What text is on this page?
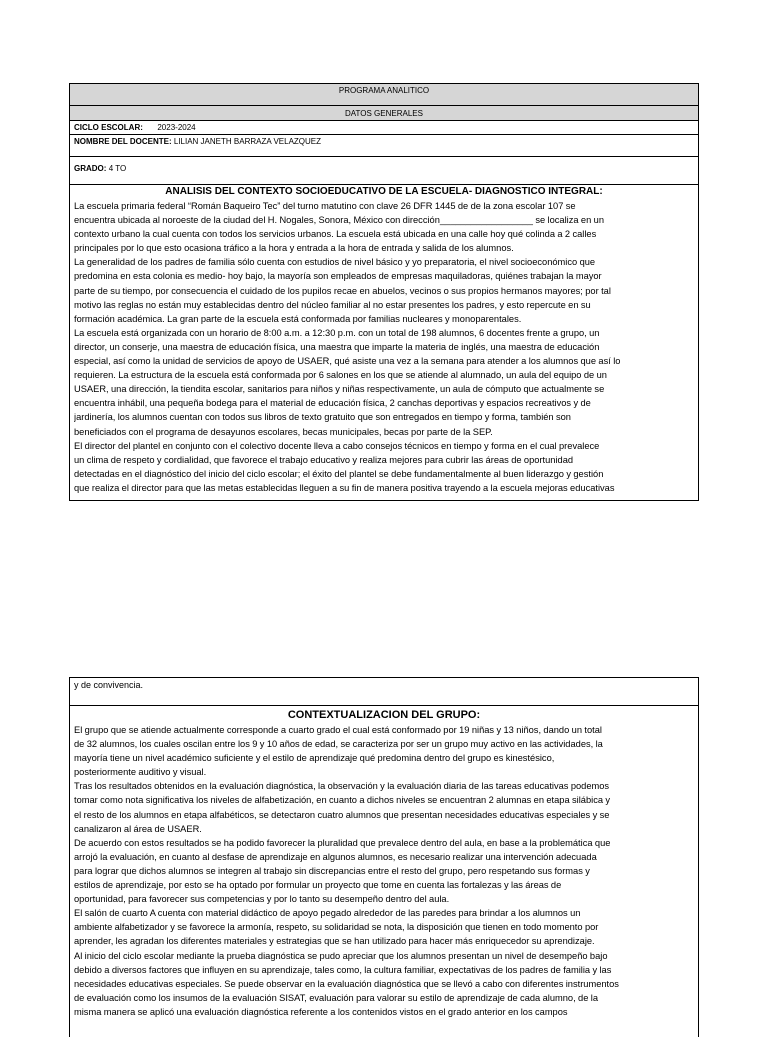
PROGRAMA ANALITICO
DATOS GENERALES
CICLO ESCOLAR: 2023-2024
NOMBRE DEL DOCENTE: LILIAN JANETH BARRAZA VELAZQUEZ
GRADO: 4 TO
ANALISIS DEL CONTEXTO SOCIOEDUCATIVO DE LA ESCUELA- DIAGNOSTICO INTEGRAL:
La escuela primaria federal “Román Baqueiro Tec” del turno matutino con clave 26 DFR 1445 de de la zona escolar 107 se
encuentra ubicada al noroeste de la ciudad del H. Nogales, Sonora, México con dirección__________________ se localiza en un
contexto urbano la cual cuenta con todos los servicios urbanos. La escuela está ubicada en una calle hoy qué colinda a 2 calles
principales por lo que esto ocasiona tráfico a la hora y entrada a la hora de entrada y salida de los alumnos.
La generalidad de los padres de familia sólo cuenta con estudios de nivel básico y yo preparatoria, el nivel socioeconómico que
predomina en esta colonia es medio- hoy bajo, la mayoría son empleados de empresas maquiladoras, quiénes trabajan la mayor
parte de su tiempo, por consecuencia el cuidado de los pupilos recae en abuelos, vecinos o sus propios hermanos mayores; por tal
motivo las reglas no están muy establecidas dentro del núcleo familiar al no estar presentes los padres, y esto repercute en su
formación académica. La gran parte de la escuela está conformada por familias nucleares y monoparentales.
La escuela está organizada con un horario de 8:00 a.m. a 12:30 p.m. con un total de 198 alumnos, 6 docentes frente a grupo, un
director, un conserje, una maestra de educación física, una maestra que imparte la materia de inglés, una maestra de educación
especial, así como la unidad de servicios de apoyo de USAER, qué asiste una vez a la semana para atender a los alumnos que así lo
requieren. La estructura de la escuela está conformada por 6 salones en los que se atiende al alumnado, un aula del equipo de un
USAER, una dirección, la tiendita escolar, sanitarios para niños y niñas respectivamente, un aula de cómputo que actualmente se
encuentra inhábil, una pequeña bodega para el material de educación física, 2 canchas deportivas y espacios recreativos y de
jardinería, los alumnos cuentan con todos sus libros de texto gratuito que son entregados en tiempo y forma, también son
beneficiados con el programa de desayunos escolares, becas municipales, becas por parte de la SEP.
El director del plantel en conjunto con el colectivo docente lleva a cabo consejos técnicos en tiempo y forma en el cual prevalece
un clima de respeto y cordialidad, que favorece el trabajo educativo y realiza mejores para cubrir las áreas de oportunidad
detectadas en el diagnóstico del inicio del ciclo escolar; el éxito del plantel se debe fundamentalmente al buen liderazgo y gestión
que realiza el director para que las metas establecidas lleguen a su fin de manera positiva trayendo a la escuela mejoras educativas
y de convivencia.
CONTEXTUALIZACION DEL GRUPO:
El grupo que se atiende actualmente corresponde a cuarto grado el cual está conformado por 19 niñas y 13 niños, dando un total
de 32 alumnos, los cuales oscilan entre los 9 y 10 años de edad, se caracteriza por ser un grupo muy activo en las actividades, la
mayoría tiene un nivel académico suficiente y el estilo de aprendizaje qué predomina dentro del grupo es kinestésico,
posteriormente auditivo y visual.
Tras los resultados obtenidos en la evaluación diagnóstica, la observación y la evaluación diaria de las tareas educativas podemos
tomar como nota significativa los niveles de alfabetización, en cuanto a dichos niveles se encuentran 2 alumnas en etapa silábica y
el resto de los alumnos en etapa alfabéticos, se detectaron cuatro alumnos que presentan necesidades educativas especiales y se
canalizaron al área de USAER.
De acuerdo con estos resultados se ha podido favorecer la pluralidad que prevalece dentro del aula, en base a la problemática que
arrojó la evaluación, en cuanto al desfase de aprendizaje en algunos alumnos, es necesario realizar una intervención adecuada
para lograr que dichos alumnos se integren al trabajo sin discrepancias entre el resto del grupo, pero respetando sus formas y
estilos de aprendizaje, por esto se ha optado por formular un proyecto que tome en cuenta las fortalezas y las áreas de
oportunidad, para favorecer sus competencias y por lo tanto su desempeño dentro del aula.
El salón de cuarto A cuenta con material didáctico de apoyo pegado alrededor de las paredes para brindar a los alumnos un
ambiente alfabetizador y se favorece la armonía, respeto, su solidaridad se nota, la disposición que tienen en todo momento por
aprender, les agradan los diferentes materiales y estrategias que se han utilizado para hacer más enriquecedor su aprendizaje.
Al inicio del ciclo escolar mediante la prueba diagnóstica se pudo apreciar que los alumnos presentan un nivel de desempeño bajo
debido a diversos factores que influyen en su aprendizaje, tales como, la cultura familiar, expectativas de los padres de familia y las
necesidades educativas especiales. Se puede observar en la evaluación diagnóstica que se llevó a cabo con diferentes instrumentos
de evaluación como los insumos de la evaluación SISAT, evaluación para valorar su estilo de aprendizaje de cada alumno, de la
misma manera se aplicó una evaluación diagnóstica referente a los contenidos vistos en el grado anterior en los campos
